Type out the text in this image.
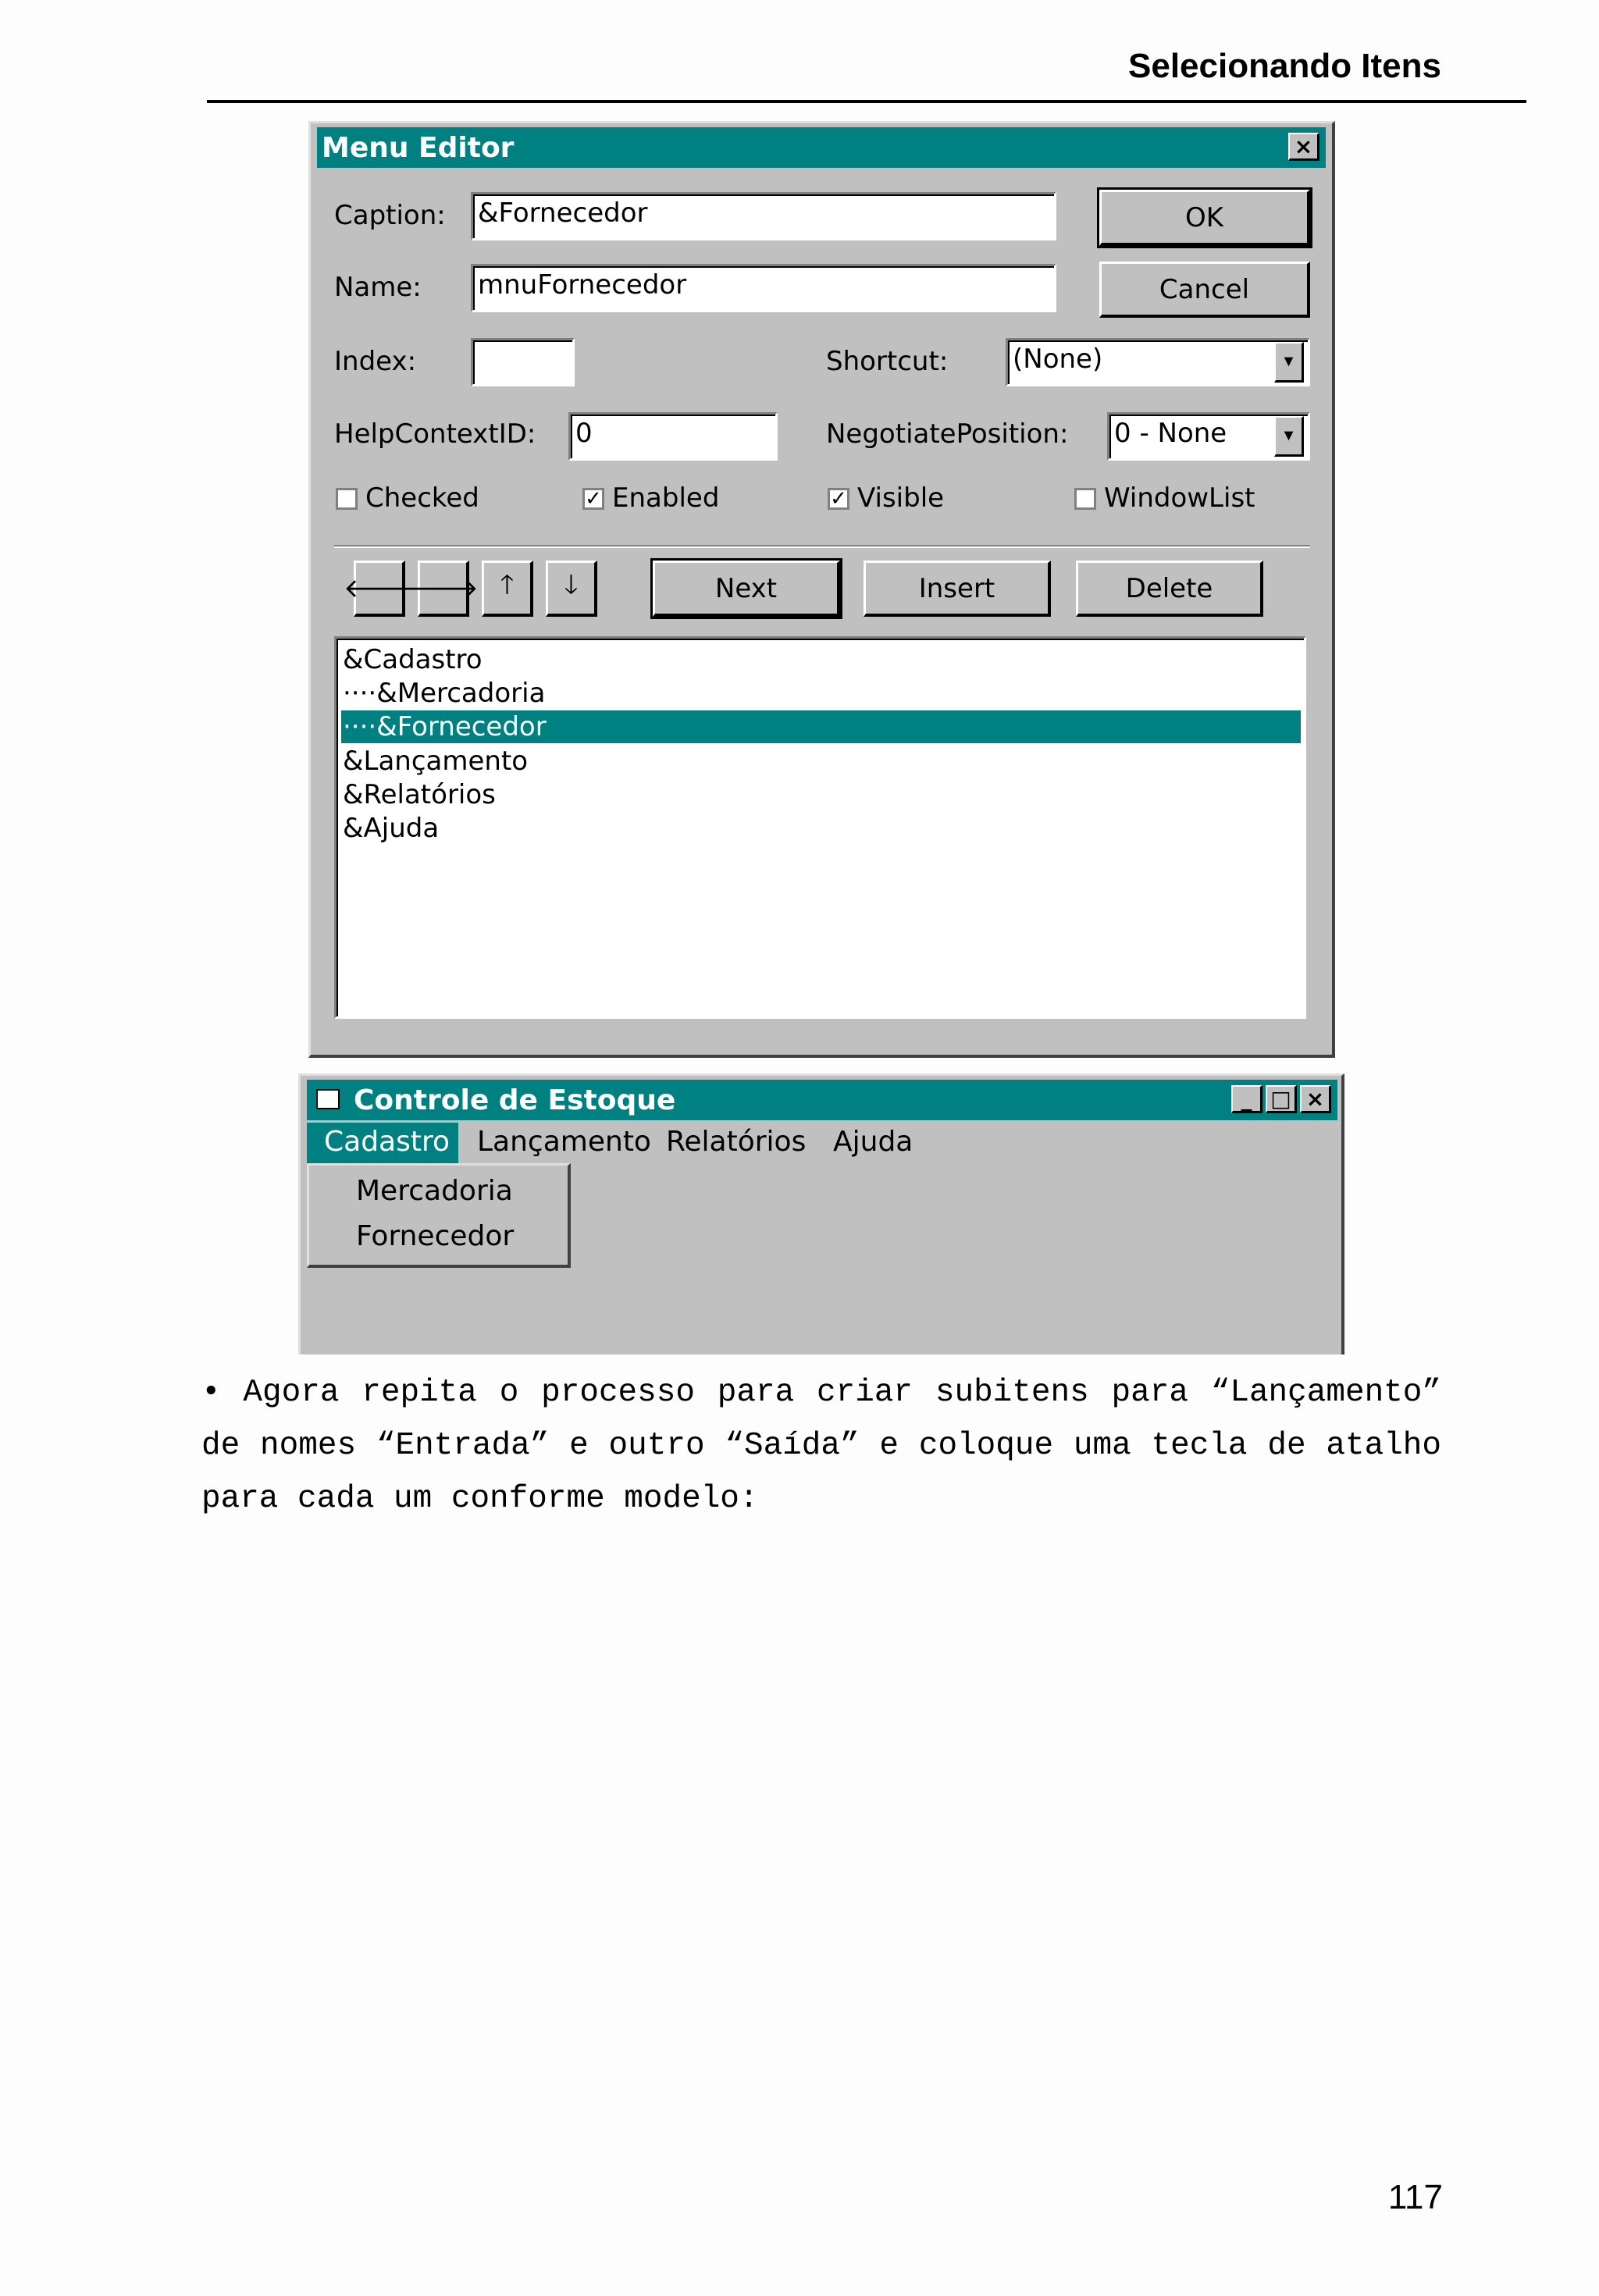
Selecionando Itens
Menu Editor	×
Caption: &Fornecedor	OK
Name: mnuFornecedor	Cancel
Index:	Shortcut: (None)	▼
HelpContextID: 0	NegotiatePosition: 0 - None	▼
Checked	✓ Enabled	✓ Visible	WindowList
🡐
🡒 🡑 🡓	Next	Insert	Delete
&Cadastro
····&Mercadoria
····&Fornecedor
&Lançamento
&Relatórios
&Ajuda
Controle de Estoque	_ □ ×
Cadastro Lançamento Relatórios Ajuda
Mercadoria
Fornecedor
• Agora repita o processo para criar subitens para “Lançamento” de nomes “Entrada” e outro “Saída” e coloque uma tecla de atalho para cada um conforme modelo:
117
